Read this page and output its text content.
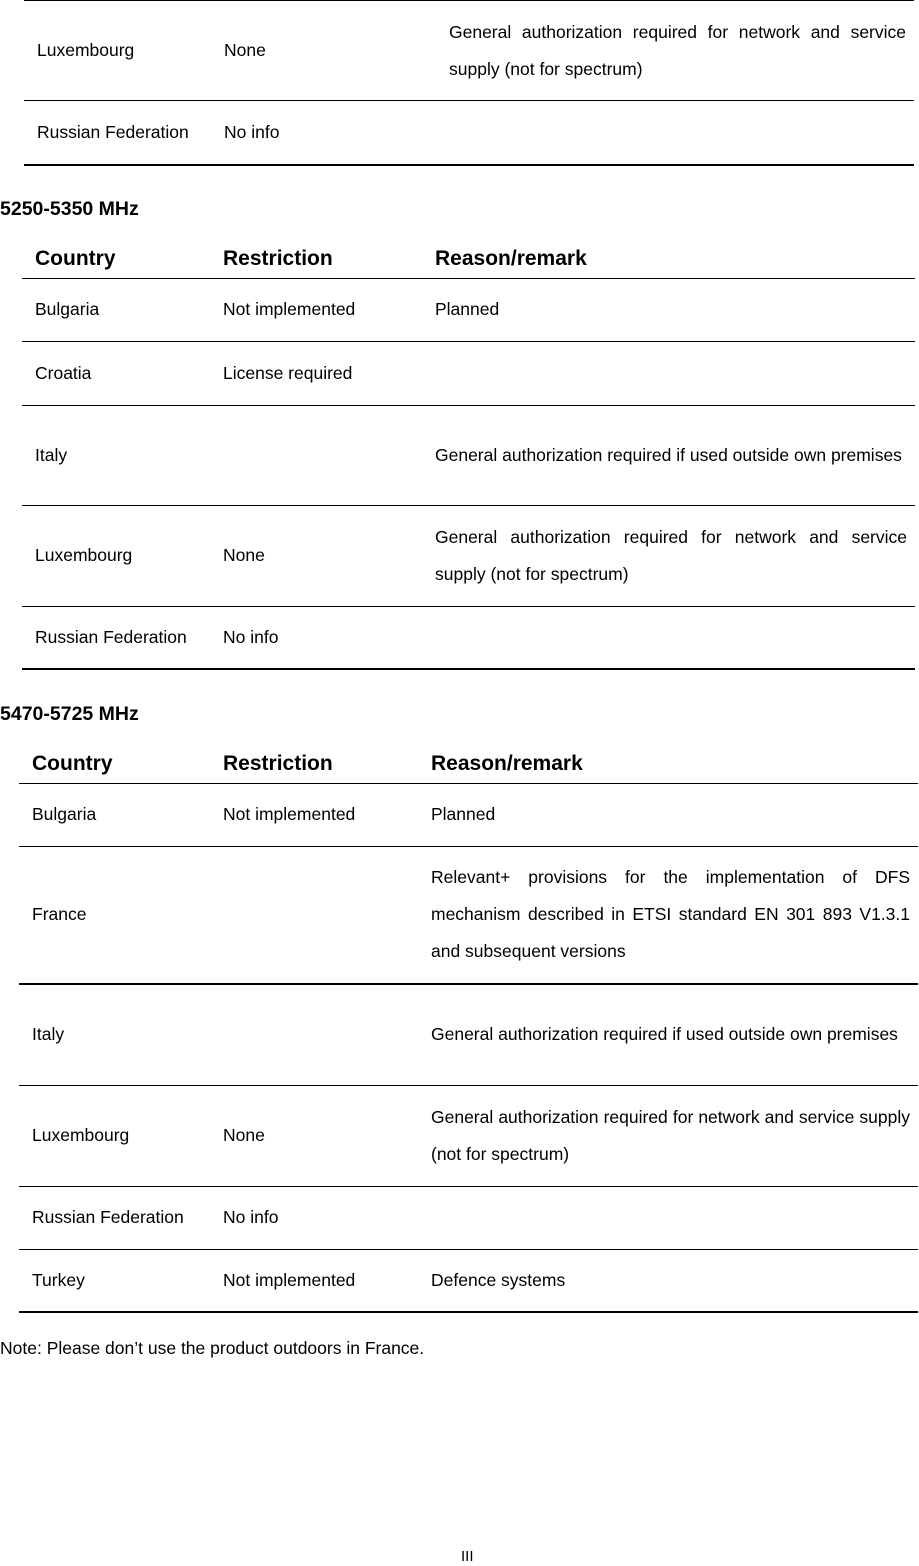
Luxembourg	None	General authorization required for network and service supply (not for spectrum)
Russian Federation	No info	

5250-5350 MHz

Country	Restriction	Reason/remark
Bulgaria	Not implemented	Planned
Croatia	License required	
Italy		General authorization required if used outside own premises
Luxembourg	None	General authorization required for network and service supply (not for spectrum)
Russian Federation	No info	

5470-5725 MHz

Country	Restriction	Reason/remark
Bulgaria	Not implemented	Planned
France		Relevant+ provisions for the implementation of DFS mechanism described in ETSI standard EN 301 893 V1.3.1 and subsequent versions
Italy		General authorization required if used outside own premises
Luxembourg	None	General authorization required for network and service supply (not for spectrum)
Russian Federation	No info	
Turkey	Not implemented	Defence systems

Note: Please don’t use the product outdoors in France.

III
